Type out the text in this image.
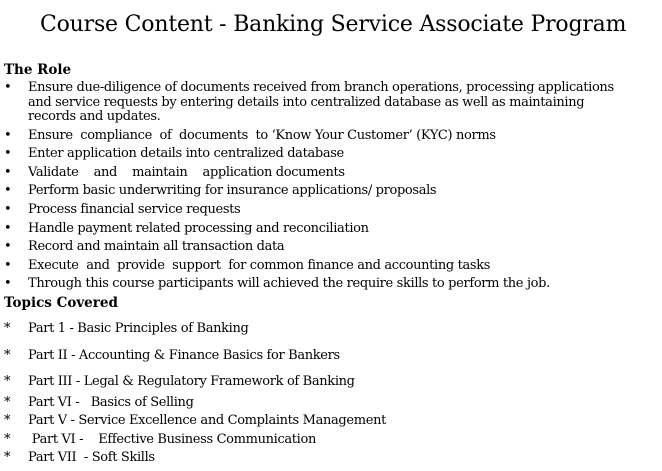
Course Content - Banking Service Associate Program
The Role
• Ensure due-diligence of documents received from branch operations, processing applications and service requests by entering details into centralized database as well as maintaining records and updates.
• Ensure  compliance  of  documents  to ‘Know Your Customer’ (KYC) norms
• Enter application details into centralized database
• Validate    and    maintain    application documents
• Perform basic underwriting for insurance applications/ proposals
• Process financial service requests
• Handle payment related processing and reconciliation
• Record and maintain all transaction data
• Execute  and  provide  support  for common finance and accounting tasks
• Through this course participants will achieved the require skills to perform the job.
Topics Covered
* Part 1 - Basic Principles of Banking
* Part II - Accounting & Finance Basics for Bankers
* Part III - Legal & Regulatory Framework of Banking
* Part VI -   Basics of Selling
* Part V - Service Excellence and Complaints Management
* Part VI -    Effective Business Communication
* Part VII  - Soft Skills
